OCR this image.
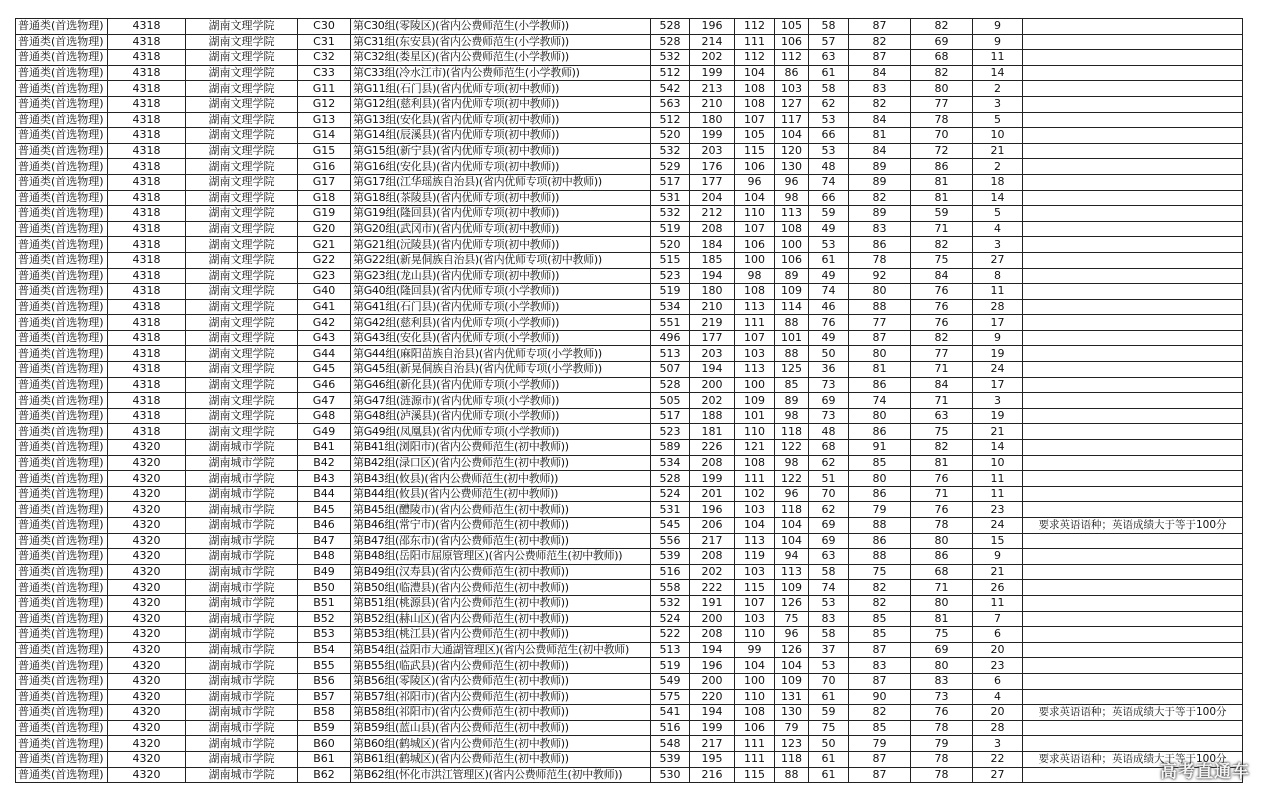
普通类(首选物理)	4318	湖南文理学院	C30	第C30组(零陵区)(省内公费师范生(小学教师))	528	196	112	105	58	87	82	9	
普通类(首选物理)	4318	湖南文理学院	C31	第C31组(东安县)(省内公费师范生(小学教师))	528	214	111	106	57	82	69	9	
普通类(首选物理)	4318	湖南文理学院	C32	第C32组(娄星区)(省内公费师范生(小学教师))	532	202	112	112	63	87	68	11	
普通类(首选物理)	4318	湖南文理学院	C33	第C33组(冷水江市)(省内公费师范生(小学教师))	512	199	104	86	61	84	82	14	
普通类(首选物理)	4318	湖南文理学院	G11	第G11组(石门县)(省内优师专项(初中教师))	542	213	108	103	58	83	80	2	
普通类(首选物理)	4318	湖南文理学院	G12	第G12组(慈利县)(省内优师专项(初中教师))	563	210	108	127	62	82	77	3	
普通类(首选物理)	4318	湖南文理学院	G13	第G13组(安化县)(省内优师专项(初中教师))	512	180	107	117	53	84	78	5	
普通类(首选物理)	4318	湖南文理学院	G14	第G14组(辰溪县)(省内优师专项(初中教师))	520	199	105	104	66	81	70	10	
普通类(首选物理)	4318	湖南文理学院	G15	第G15组(新宁县)(省内优师专项(初中教师))	532	203	115	120	53	84	72	21	
普通类(首选物理)	4318	湖南文理学院	G16	第G16组(安化县)(省内优师专项(初中教师))	529	176	106	130	48	89	86	2	
普通类(首选物理)	4318	湖南文理学院	G17	第G17组(江华瑶族自治县)(省内优师专项(初中教师))	517	177	96	96	74	89	81	18	
普通类(首选物理)	4318	湖南文理学院	G18	第G18组(茶陵县)(省内优师专项(初中教师))	531	204	104	98	66	82	81	14	
普通类(首选物理)	4318	湖南文理学院	G19	第G19组(隆回县)(省内优师专项(初中教师))	532	212	110	113	59	89	59	5	
普通类(首选物理)	4318	湖南文理学院	G20	第G20组(武冈市)(省内优师专项(初中教师))	519	208	107	108	49	83	71	4	
普通类(首选物理)	4318	湖南文理学院	G21	第G21组(沅陵县)(省内优师专项(初中教师))	520	184	106	100	53	86	82	3	
普通类(首选物理)	4318	湖南文理学院	G22	第G22组(新晃侗族自治县)(省内优师专项(初中教师))	515	185	100	106	61	78	75	27	
普通类(首选物理)	4318	湖南文理学院	G23	第G23组(龙山县)(省内优师专项(初中教师))	523	194	98	89	49	92	84	8	
普通类(首选物理)	4318	湖南文理学院	G40	第G40组(隆回县)(省内优师专项(小学教师))	519	180	108	109	74	80	76	11	
普通类(首选物理)	4318	湖南文理学院	G41	第G41组(石门县)(省内优师专项(小学教师))	534	210	113	114	46	88	76	28	
普通类(首选物理)	4318	湖南文理学院	G42	第G42组(慈利县)(省内优师专项(小学教师))	551	219	111	88	76	77	76	17	
普通类(首选物理)	4318	湖南文理学院	G43	第G43组(安化县)(省内优师专项(小学教师))	496	177	107	101	49	87	82	9	
普通类(首选物理)	4318	湖南文理学院	G44	第G44组(麻阳苗族自治县)(省内优师专项(小学教师))	513	203	103	88	50	80	77	19	
普通类(首选物理)	4318	湖南文理学院	G45	第G45组(新晃侗族自治县)(省内优师专项(小学教师))	507	194	113	125	36	81	71	24	
普通类(首选物理)	4318	湖南文理学院	G46	第G46组(新化县)(省内优师专项(小学教师))	528	200	100	85	73	86	84	17	
普通类(首选物理)	4318	湖南文理学院	G47	第G47组(涟源市)(省内优师专项(小学教师))	505	202	109	89	69	74	71	3	
普通类(首选物理)	4318	湖南文理学院	G48	第G48组(泸溪县)(省内优师专项(小学教师))	517	188	101	98	73	80	63	19	
普通类(首选物理)	4318	湖南文理学院	G49	第G49组(凤凰县)(省内优师专项(小学教师))	523	181	110	118	48	86	75	21	
普通类(首选物理)	4320	湖南城市学院	B41	第B41组(浏阳市)(省内公费师范生(初中教师))	589	226	121	122	68	91	82	14	
普通类(首选物理)	4320	湖南城市学院	B42	第B42组(渌口区)(省内公费师范生(初中教师))	534	208	108	98	62	85	81	10	
普通类(首选物理)	4320	湖南城市学院	B43	第B43组(攸县)(省内公费师范生(初中教师))	528	199	111	122	51	80	76	11	
普通类(首选物理)	4320	湖南城市学院	B44	第B44组(攸县)(省内公费师范生(初中教师))	524	201	102	96	70	86	71	11	
普通类(首选物理)	4320	湖南城市学院	B45	第B45组(醴陵市)(省内公费师范生(初中教师))	531	196	103	118	62	79	76	23	
普通类(首选物理)	4320	湖南城市学院	B46	第B46组(常宁市)(省内公费师范生(初中教师))	545	206	104	104	69	88	78	24	要求英语语种；英语成绩大于等于100分
普通类(首选物理)	4320	湖南城市学院	B47	第B47组(邵东市)(省内公费师范生(初中教师))	556	217	113	104	69	86	80	15	
普通类(首选物理)	4320	湖南城市学院	B48	第B48组(岳阳市屈原管理区)(省内公费师范生(初中教师))	539	208	119	94	63	88	86	9	
普通类(首选物理)	4320	湖南城市学院	B49	第B49组(汉寿县)(省内公费师范生(初中教师))	516	202	103	113	58	75	68	21	
普通类(首选物理)	4320	湖南城市学院	B50	第B50组(临澧县)(省内公费师范生(初中教师))	558	222	115	109	74	82	71	26	
普通类(首选物理)	4320	湖南城市学院	B51	第B51组(桃源县)(省内公费师范生(初中教师))	532	191	107	126	53	82	80	11	
普通类(首选物理)	4320	湖南城市学院	B52	第B52组(赫山区)(省内公费师范生(初中教师))	524	200	103	75	83	85	81	7	
普通类(首选物理)	4320	湖南城市学院	B53	第B53组(桃江县)(省内公费师范生(初中教师))	522	208	110	96	58	85	75	6	
普通类(首选物理)	4320	湖南城市学院	B54	第B54组(益阳市大通湖管理区)(省内公费师范生(初中教师)	513	194	99	126	37	87	69	20	
普通类(首选物理)	4320	湖南城市学院	B55	第B55组(临武县)(省内公费师范生(初中教师))	519	196	104	104	53	83	80	23	
普通类(首选物理)	4320	湖南城市学院	B56	第B56组(零陵区)(省内公费师范生(初中教师))	549	200	100	109	70	87	83	6	
普通类(首选物理)	4320	湖南城市学院	B57	第B57组(祁阳市)(省内公费师范生(初中教师))	575	220	110	131	61	90	73	4	
普通类(首选物理)	4320	湖南城市学院	B58	第B58组(祁阳市)(省内公费师范生(初中教师))	541	194	108	130	59	82	76	20	要求英语语种；英语成绩大于等于100分
普通类(首选物理)	4320	湖南城市学院	B59	第B59组(蓝山县)(省内公费师范生(初中教师))	516	199	106	79	75	85	78	28	
普通类(首选物理)	4320	湖南城市学院	B60	第B60组(鹤城区)(省内公费师范生(初中教师))	548	217	111	123	50	79	79	3	
普通类(首选物理)	4320	湖南城市学院	B61	第B61组(鹤城区)(省内公费师范生(初中教师))	539	195	111	118	61	87	78	22	要求英语语种；英语成绩大于等于100分
普通类(首选物理)	4320	湖南城市学院	B62	第B62组(怀化市洪江管理区)(省内公费师范生(初中教师))	530	216	115	88	61	87	78	27		高考直通车
